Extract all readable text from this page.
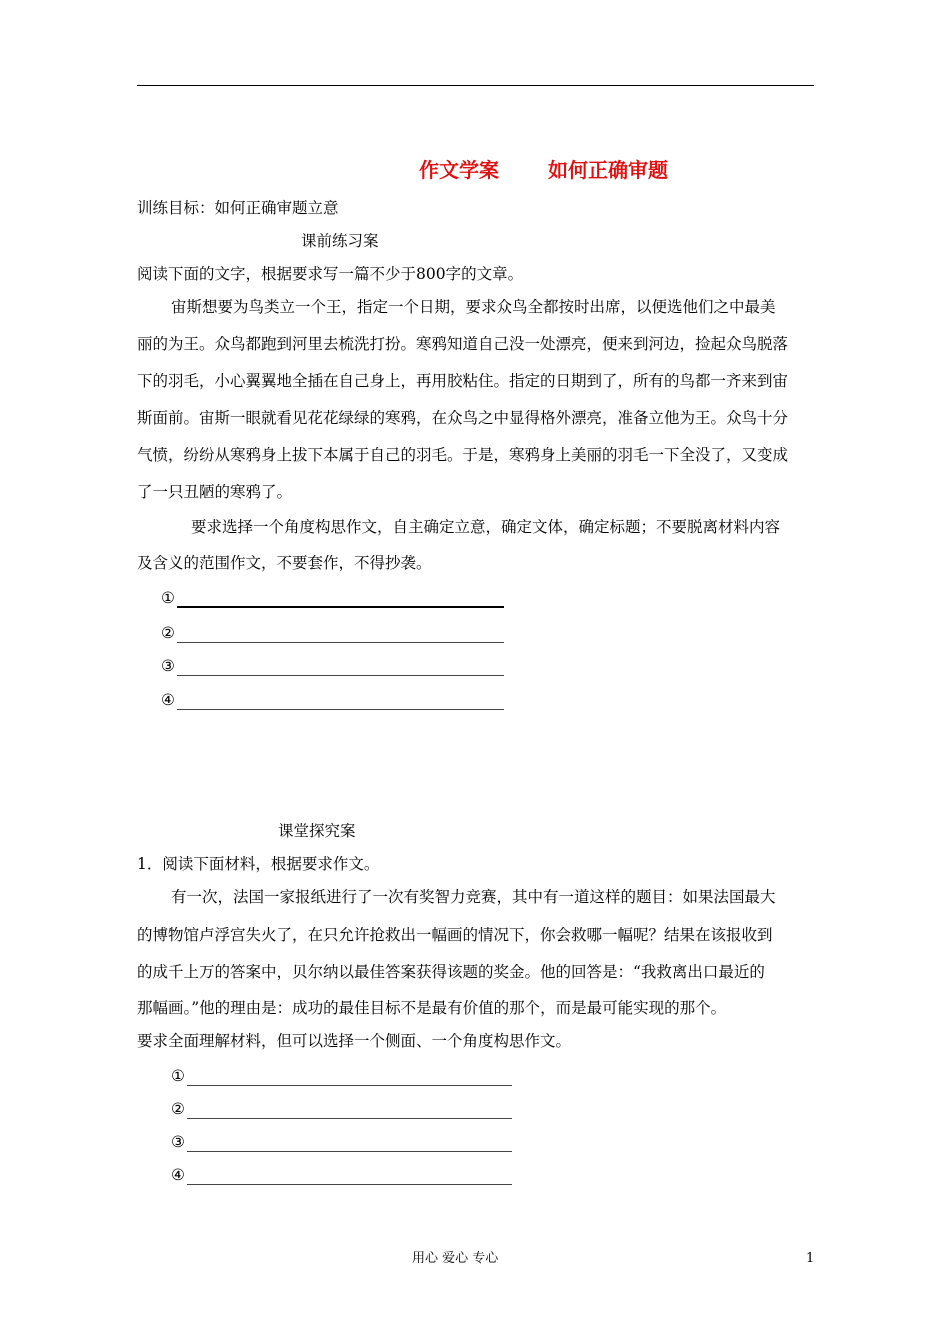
作文学案 如何正确审题
训练目标：如何正确审题立意
课前练习案
阅读下面的文字，根据要求写一篇不少于800字的文章。
宙斯想要为鸟类立一个王，指定一个日期，要求众鸟全都按时出席，以便选他们之中最美
丽的为王。众鸟都跑到河里去梳洗打扮。寒鸦知道自己没一处漂亮，便来到河边，捡起众鸟脱落
下的羽毛，小心翼翼地全插在自己身上，再用胶粘住。指定的日期到了，所有的鸟都一齐来到宙
斯面前。宙斯一眼就看见花花绿绿的寒鸦，在众鸟之中显得格外漂亮，准备立他为王。众鸟十分
气愤，纷纷从寒鸦身上拔下本属于自己的羽毛。于是，寒鸦身上美丽的羽毛一下全没了，又变成
了一只丑陋的寒鸦了。
要求选择一个角度构思作文，自主确定立意，确定文体，确定标题；不要脱离材料内容
及含义的范围作文，不要套作，不得抄袭。
①
②
③
④
课堂探究案
1．阅读下面材料，根据要求作文。
有一次，法国一家报纸进行了一次有奖智力竞赛，其中有一道这样的题目：如果法国最大
的博物馆卢浮宫失火了，在只允许抢救出一幅画的情况下，你会救哪一幅呢？结果在该报收到
的成千上万的答案中，贝尔纳以最佳答案获得该题的奖金。他的回答是：“我救离出口最近的
那幅画。”他的理由是：成功的最佳目标不是最有价值的那个，而是最可能实现的那个。
要求全面理解材料，但可以选择一个侧面、一个角度构思作文。
①
②
③
④
用心 爱心 专心	1
